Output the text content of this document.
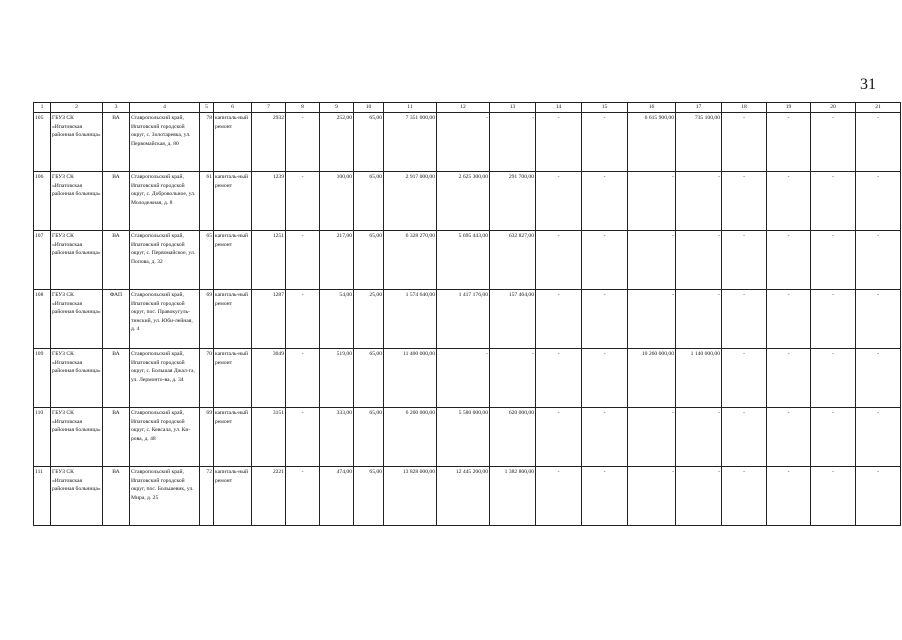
31
1	2	3	4	5	6	7	8	9	10	11	12	13	14	15	16	17	18	19	20	21
105	ГБУЗ СК «Ипатовская районная больница»	ВА	Ставропольский край, Ипатовский городской округ, с. Золотаревка, ул. Первомайская, д. 80	78	капиталь-ный ремонт	2932	-	252,00	65,00	7 351 000,00	-	-	-	-	6 615 900,00	735 100,00	-	-	-	-
106	ГБУЗ СК «Ипатовская районная больница»	ВА	Ставропольский край, Ипатовский городской округ, с. Добровольное, ул. Молодежная, д. 8	61	капиталь-ный ремонт	1239	-	100,00	65,00	2 917 000,00	2 625 300,00	291 700,00	-	-	-	-	-	-	-	-
107	ГБУЗ СК «Ипатовская районная больница»	ВА	Ставропольский край, Ипатовский городской округ, с. Первомайское, ул. Попова, д. 32	65	капиталь-ный ремонт	1251	-	217,00	65,00	6 328 270,00	5 695 443,00	632 827,00	-	-	-	-	-	-	-	-
108	ГБУЗ СК «Ипатовская районная больница»	ФАП	Ставропольский край, Ипатовский городской округ, пос. Правокугуль-тинский, ул. Юби-лейная, д. 4	69	капиталь-ный ремонт	1287	-	54,00	25,00	1 574 640,00	1 417 176,00	157 464,00	-	-	-	-	-	-	-	-
109	ГБУЗ СК «Ипатовская районная больница»	ВА	Ставропольский край, Ипатовский городской округ, с. Большая Джал-га, ул. Лермонто-ва, д. 34	70	капиталь-ный ремонт	3049	-	519,00	65,00	11 400 000,00	-	-	-	-	10 260 000,00	1 140 000,00	-	-	-	-
110	ГБУЗ СК «Ипатовская районная больница»	ВА	Ставропольский край, Ипатовский городской округ, с. Кевсала, ул. Ки-рова, д. 48	69	капиталь-ный ремонт	3151	-	333,00	65,00	6 200 000,00	5 580 000,00	620 000,00	-	-	-	-	-	-	-	-
111	ГБУЗ СК «Ипатовская районная больница»	ВА	Ставропольский край, Ипатовский городской округ, пос. Большевик, ул. Мира, д. 25	72	капиталь-ный ремонт	2221	-	474,00	65,00	13 828 000,00	12 445 200,00	1 382 800,00	-	-	-	-	-	-	-	-
